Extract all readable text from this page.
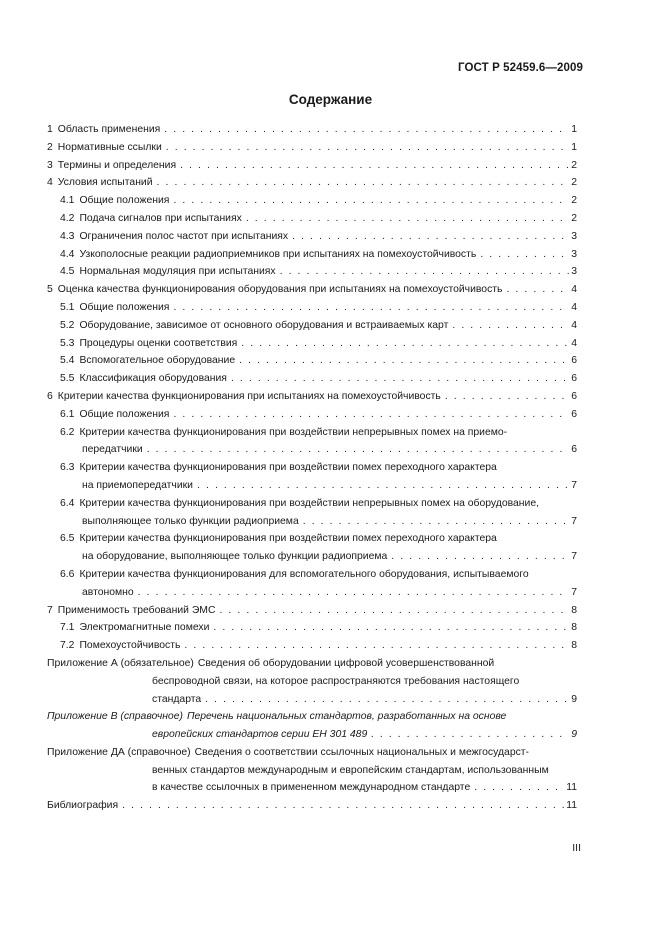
ГОСТ Р 52459.6—2009
Содержание
1 Область применения . . .	1
2 Нормативные ссылки . . .	1
3 Термины и определения . . .	2
4 Условия испытаний . . .	2
4.1 Общие положения . . .	2
4.2 Подача сигналов при испытаниях . . .	2
4.3 Ограничения полос частот при испытаниях . . .	3
4.4 Узкополосные реакции радиоприемников при испытаниях на помехоустойчивость . . .	3
4.5 Нормальная модуляция при испытаниях . . .	3
5 Оценка качества функционирования оборудования при испытаниях на помехоустойчивость . . .	4
5.1 Общие положения . . .	4
5.2 Оборудование, зависимое от основного оборудования и встраиваемых карт . . .	4
5.3 Процедуры оценки соответствия . . .	4
5.4 Вспомогательное оборудование . . .	6
5.5 Классификация оборудования . . .	6
6 Критерии качества функционирования при испытаниях на помехоустойчивость . . .	6
6.1 Общие положения . . .	6
6.2 Критерии качества функционирования при воздействии непрерывных помех на приемо-
передатчики . . .	6
6.3 Критерии качества функционирования при воздействии помех переходного характера
на приемопередатчики . . .	7
6.4 Критерии качества функционирования при воздействии непрерывных помех на оборудование,
выполняющее только функции радиоприема . . .	7
6.5 Критерии качества функционирования при воздействии помех переходного характера
на оборудование, выполняющее только функции радиоприема . . .	7
6.6 Критерии качества функционирования для вспомогательного оборудования, испытываемого
автономно . . .	7
7 Применимость требований ЭМС . . .	8
7.1 Электромагнитные помехи . . .	8
7.2 Помехоустойчивость . . .	8
Приложение А (обязательное) Сведения об оборудовании цифровой усовершенствованной
беспроводной связи, на которое распространяются требования настоящего
стандарта . . .	9
Приложение В (справочное) Перечень национальных стандартов, разработанных на основе
европейских стандартов серии ЕН 301 489 . . .	9
Приложение ДА (справочное) Сведения о соответствии ссылочных национальных и межгосударст-
венных стандартов международным и европейским стандартам, использованным
в качестве ссылочных в примененном международном стандарте . . .	11
Библиография . . .	11
III
